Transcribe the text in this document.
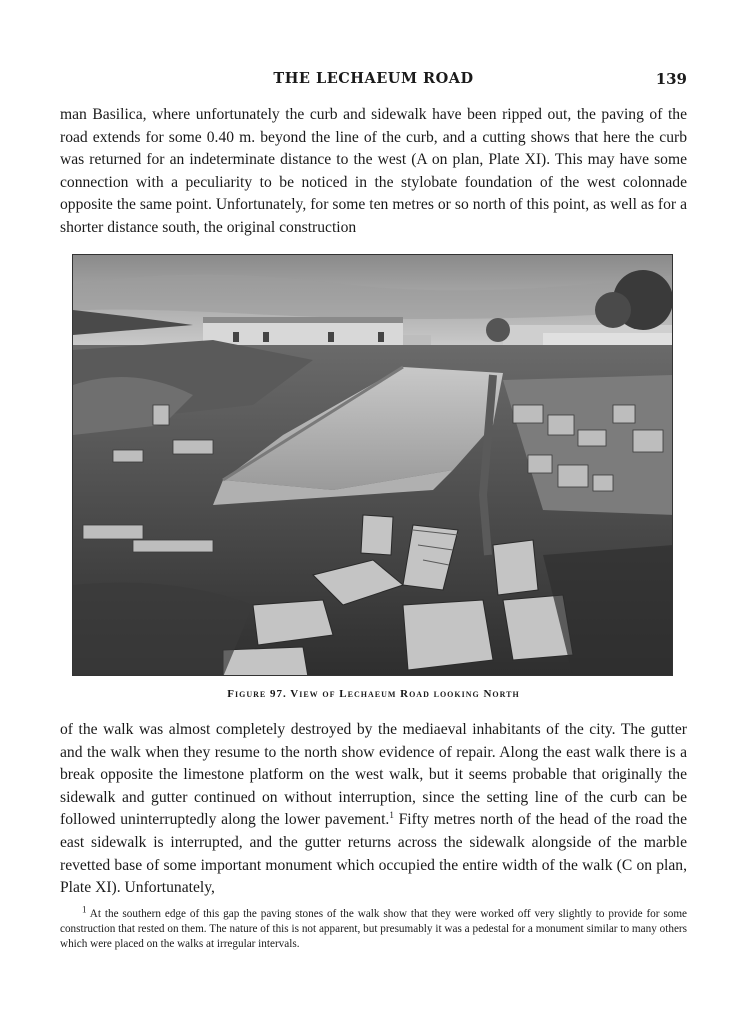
THE LECHAEUM ROAD	139

man Basilica, where unfortunately the curb and sidewalk have been ripped out, the paving of the road extends for some 0.40 m. beyond the line of the curb, and a cutting shows that here the curb was returned for an indeterminate distance to the west (A on plan, Plate XI). This may have some connection with a peculiarity to be noticed in the stylobate foundation of the west colonnade opposite the same point. Unfortunately, for some ten metres or so north of this point, as well as for a shorter distance south, the original construction

Figure 97. View of Lechaeum Road looking North

of the walk was almost completely destroyed by the mediaeval inhabitants of the city. The gutter and the walk when they resume to the north show evidence of repair. Along the east walk there is a break opposite the limestone platform on the west walk, but it seems probable that originally the sidewalk and gutter continued on without interruption, since the setting line of the curb can be followed uninterruptedly along the lower pavement.$^1$ Fifty metres north of the head of the road the east sidewalk is interrupted, and the gutter returns across the sidewalk alongside of the marble revetted base of some important monument which occupied the entire width of the walk (C on plan, Plate XI). Unfortunately,

$^1$ At the southern edge of this gap the paving stones of the walk show that they were worked off very slightly to provide for some construction that rested on them. The nature of this is not apparent, but presumably it was a pedestal for a monument similar to many others which were placed on the walks at irregular intervals.
